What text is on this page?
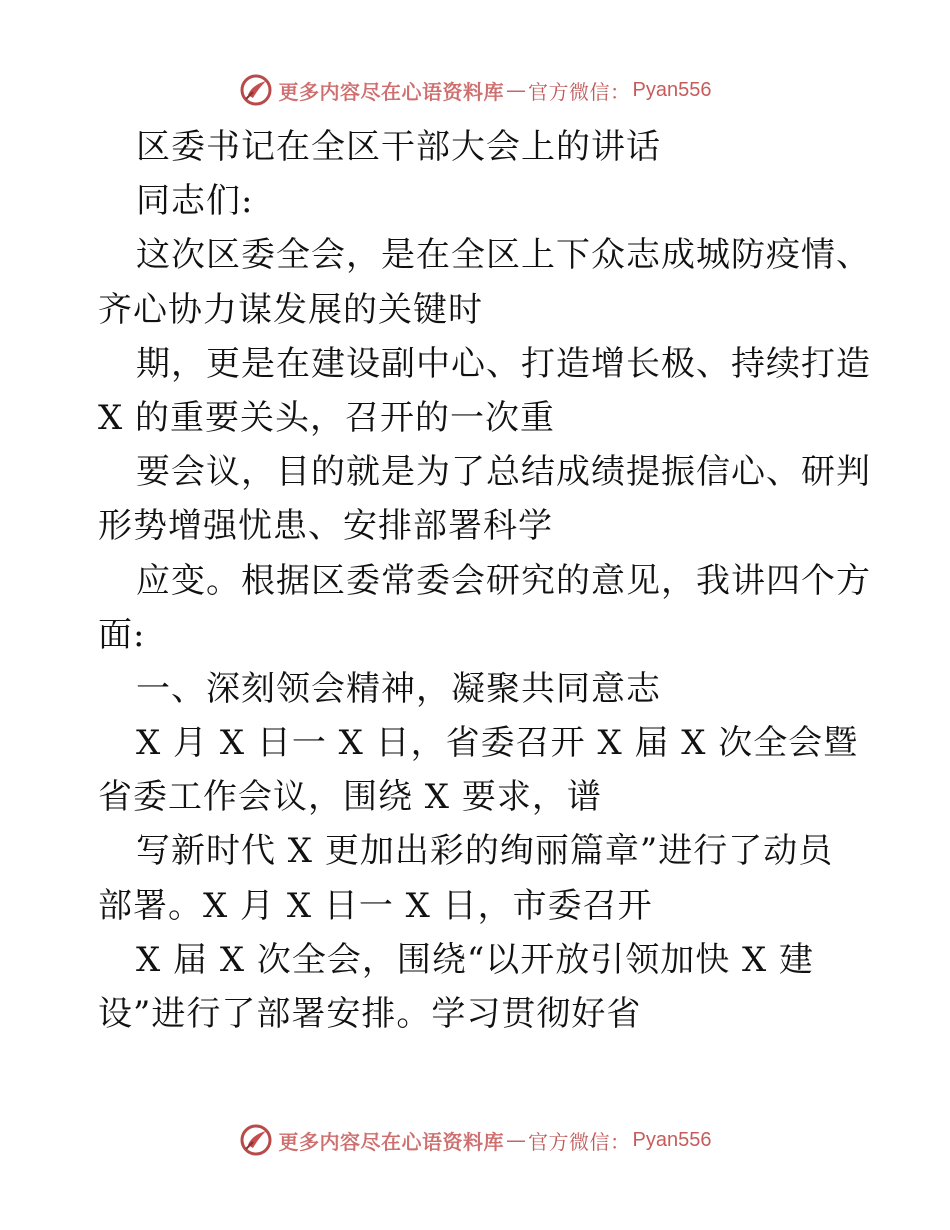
更多内容尽在心语资料库 — 官方微信： Pyan556
区委书记在全区干部大会上的讲话
同志们:
这次区委全会，是在全区上下众志成城防疫情、
齐心协力谋发展的关键时
期，更是在建设副中心、打造增长极、持续打造
X 的重要关头，召开的一次重
要会议，目的就是为了总结成绩提振信心、研判
形势增强忧患、安排部署科学
应变。根据区委常委会研究的意见，我讲四个方
面:
一、深刻领会精神，凝聚共同意志
X 月 X 日一 X 日，省委召开 X 届 X 次全会暨
省委工作会议，围绕 X 要求，谱
写新时代 X 更加出彩的绚丽篇章”进行了动员
部署。X 月 X 日一 X 日，市委召开
X 届 X 次全会，围绕“以开放引领加快 X 建
设”进行了部署安排。学习贯彻好省
更多内容尽在心语资料库 — 官方微信： Pyan556
